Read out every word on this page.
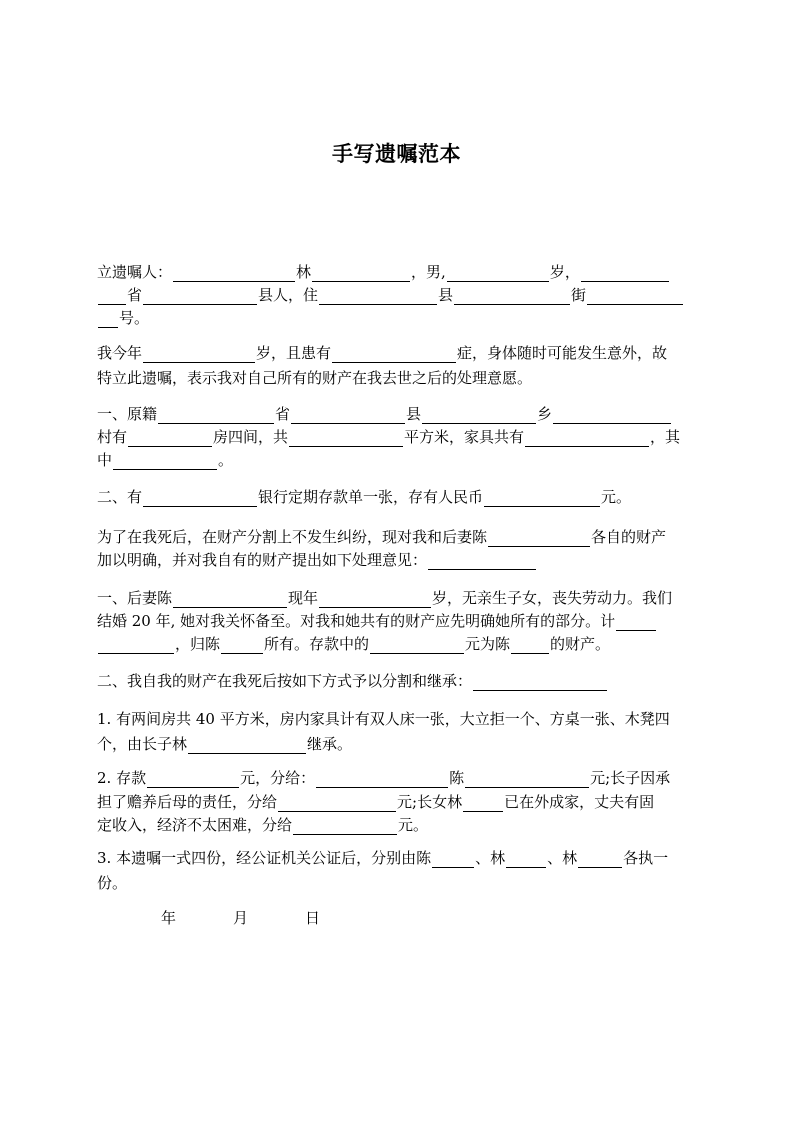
手写遗嘱范本
立遗嘱人：	林	，男,	岁，
省	县人，住	县	街
号。
我今年	岁，且患有	症，身体随时可能发生意外，故
特立此遗嘱，表示我对自己所有的财产在我去世之后的处理意愿。
一、原籍	省	县	乡
村有	房四间，共	平方米，家具共有	，其
中	。
二、有	银行定期存款单一张，存有人民币	元。
为了在我死后，在财产分割上不发生纠纷，现对我和后妻陈	各自的财产
加以明确，并对我自有的财产提出如下处理意见：
一、后妻陈	现年	岁，无亲生子女，丧失劳动力。我们
结婚 20 年, 她对我关怀备至。对我和她共有的财产应先明确她所有的部分。计
，归陈	所有。存款中的	元为陈	的财产。
二、我自我的财产在我死后按如下方式予以分割和继承：
1. 有两间房共 40 平方米，房内家具计有双人床一张，大立拒一个、方桌一张、木凳四
个，由长子林	继承。
2. 存款	元，分给：	陈	元;长子因承
担了赡养后母的责任，分给	元;长女林	已在外成家，丈夫有固
定收入，经济不太困难，分给	元。
3. 本遗嘱一式四份，经公证机关公证后，分别由陈	、林	、林	各执一
份。
年	月	日
